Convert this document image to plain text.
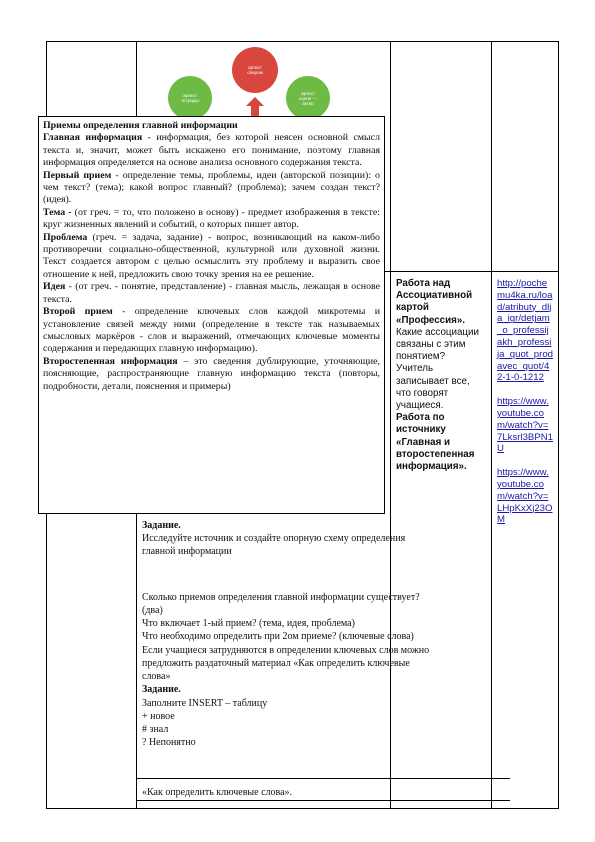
артист
опером
артист
эстрады
артист
сцене —
актер

Приемы определения главной информации

Главная информация - информация, без которой неясен основной смысл текста и, значит, может быть искажено его понимание, поэтому главная информация определяется на основе анализа основного содержания текста.

Первый прием - определение темы, проблемы, идеи (авторской позиции): о чем текст? (тема); какой вопрос главный? (проблема); зачем создан текст? (идея).

Тема - (от греч. = то, что положено в основу) - предмет изображения в тексте: круг жизненных явлений и событий, о которых пишет автор.

Проблема (греч. = задача, задание) - вопрос, возникающий на каком-либо противоречии социально-общественной, культурной или духовной жизни. Текст создается автором с целью осмыслить эту проблему и выразить свое отношение к ней, предложить свою точку зрения на ее решение.

Идея - (от греч. - понятие, представление) - главная мысль, лежащая в основе текста.

Второй прием - определение ключевых слов каждой микротемы и установление связей между ними (определение в тексте так называемых смысловых маркёров - слов и выражений, отмечающих ключевые моменты содержания и передающих главную информацию).

Второстепенная информация – это сведения дублирующие, уточняющие, поясняющие, распространяющие главную информацию текста (повторы, подробности, детали, пояснения и примеры)

Работа над
Ассоциативной
картой
«Профессия».
Какие ассоциации
связаны с этим
понятием?
Учитель
записывает все,
что говорят
учащиеся.
Работа по
источнику
«Главная и
второстепенная
информация».
http://pochemu4ka.ru/load/atributy_dlja_igr/detjam_o_professijakh_professija_quot_prodavec_quot/42-1-0-1212
https://www.youtube.com/watch?v=7Lksrl3BPN1U
https://www.youtube.com/watch?v=LHpKxXj23OM
Задание.
Исследуйте источник и создайте опорную схему определения
главной информации
Сколько приемов определения главной информации существует?
(два)
Что включает 1-ый прием? (тема, идея, проблема)
Что необходимо определить при 2ом приеме? (ключевые слова)
Если учащиеся затрудняются в определении ключевых слов можно
предложить раздаточный материал «Как определить ключевые
слова»
Задание.
Заполните INSERT – таблицу
+ новое
# знал
? Непонятно
«Как определить ключевые слова».
